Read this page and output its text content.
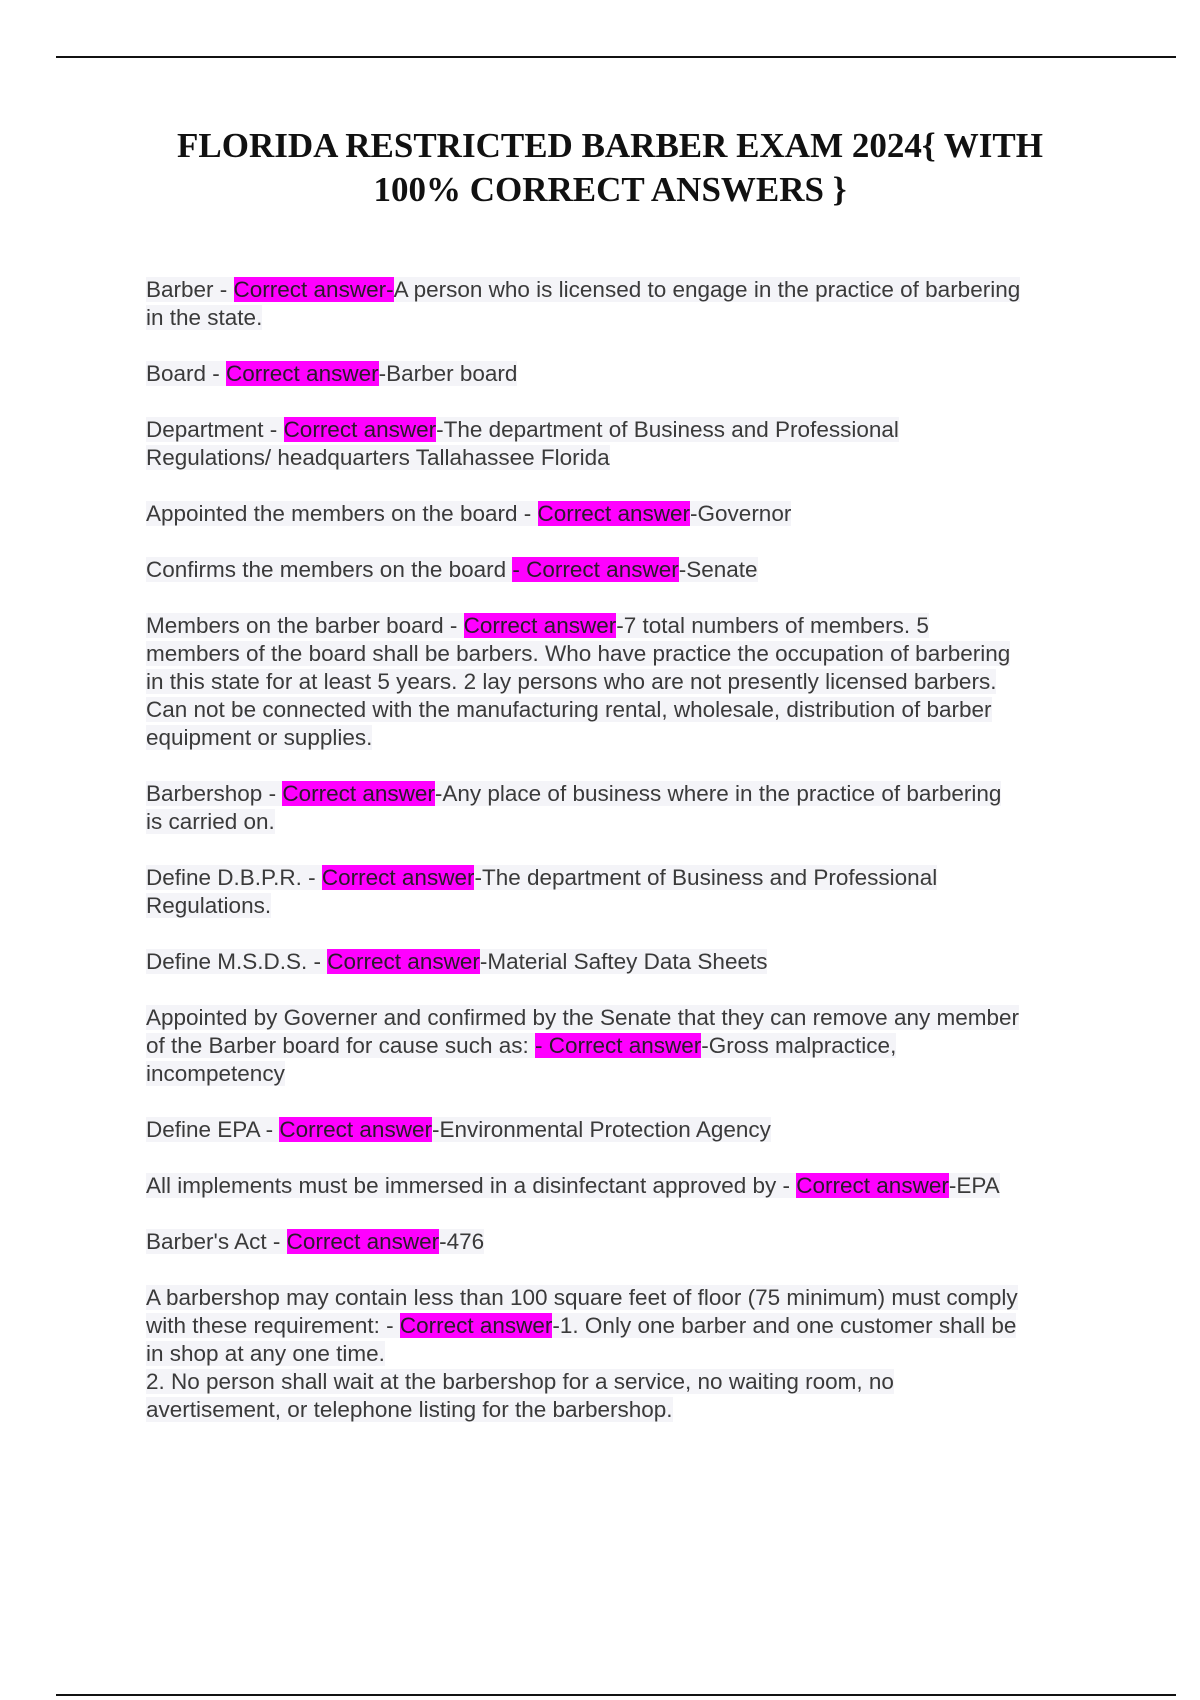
FLORIDA RESTRICTED BARBER EXAM 2024{ WITH
100% CORRECT ANSWERS }

Barber - Correct answer-A person who is licensed to engage in the practice of barbering
in the state.

Board - Correct answer-Barber board

Department - Correct answer-The department of Business and Professional
Regulations/ headquarters Tallahassee Florida

Appointed the members on the board - Correct answer-Governor

Confirms the members on the board - Correct answer-Senate

Members on the barber board - Correct answer-7 total numbers of members. 5
members of the board shall be barbers. Who have practice the occupation of barbering
in this state for at least 5 years. 2 lay persons who are not presently licensed barbers.
Can not be connected with the manufacturing rental, wholesale, distribution of barber
equipment or supplies.

Barbershop - Correct answer-Any place of business where in the practice of barbering
is carried on.

Define D.B.P.R. - Correct answer-The department of Business and Professional
Regulations.

Define M.S.D.S. - Correct answer-Material Saftey Data Sheets

Appointed by Governer and confirmed by the Senate that they can remove any member
of the Barber board for cause such as: - Correct answer-Gross malpractice,
incompetency

Define EPA - Correct answer-Environmental Protection Agency

All implements must be immersed in a disinfectant approved by - Correct answer-EPA

Barber's Act - Correct answer-476

A barbershop may contain less than 100 square feet of floor (75 minimum) must comply
with these requirement: - Correct answer-1. Only one barber and one customer shall be
in shop at any one time.
2. No person shall wait at the barbershop for a service, no waiting room, no
avertisement, or telephone listing for the barbershop.
